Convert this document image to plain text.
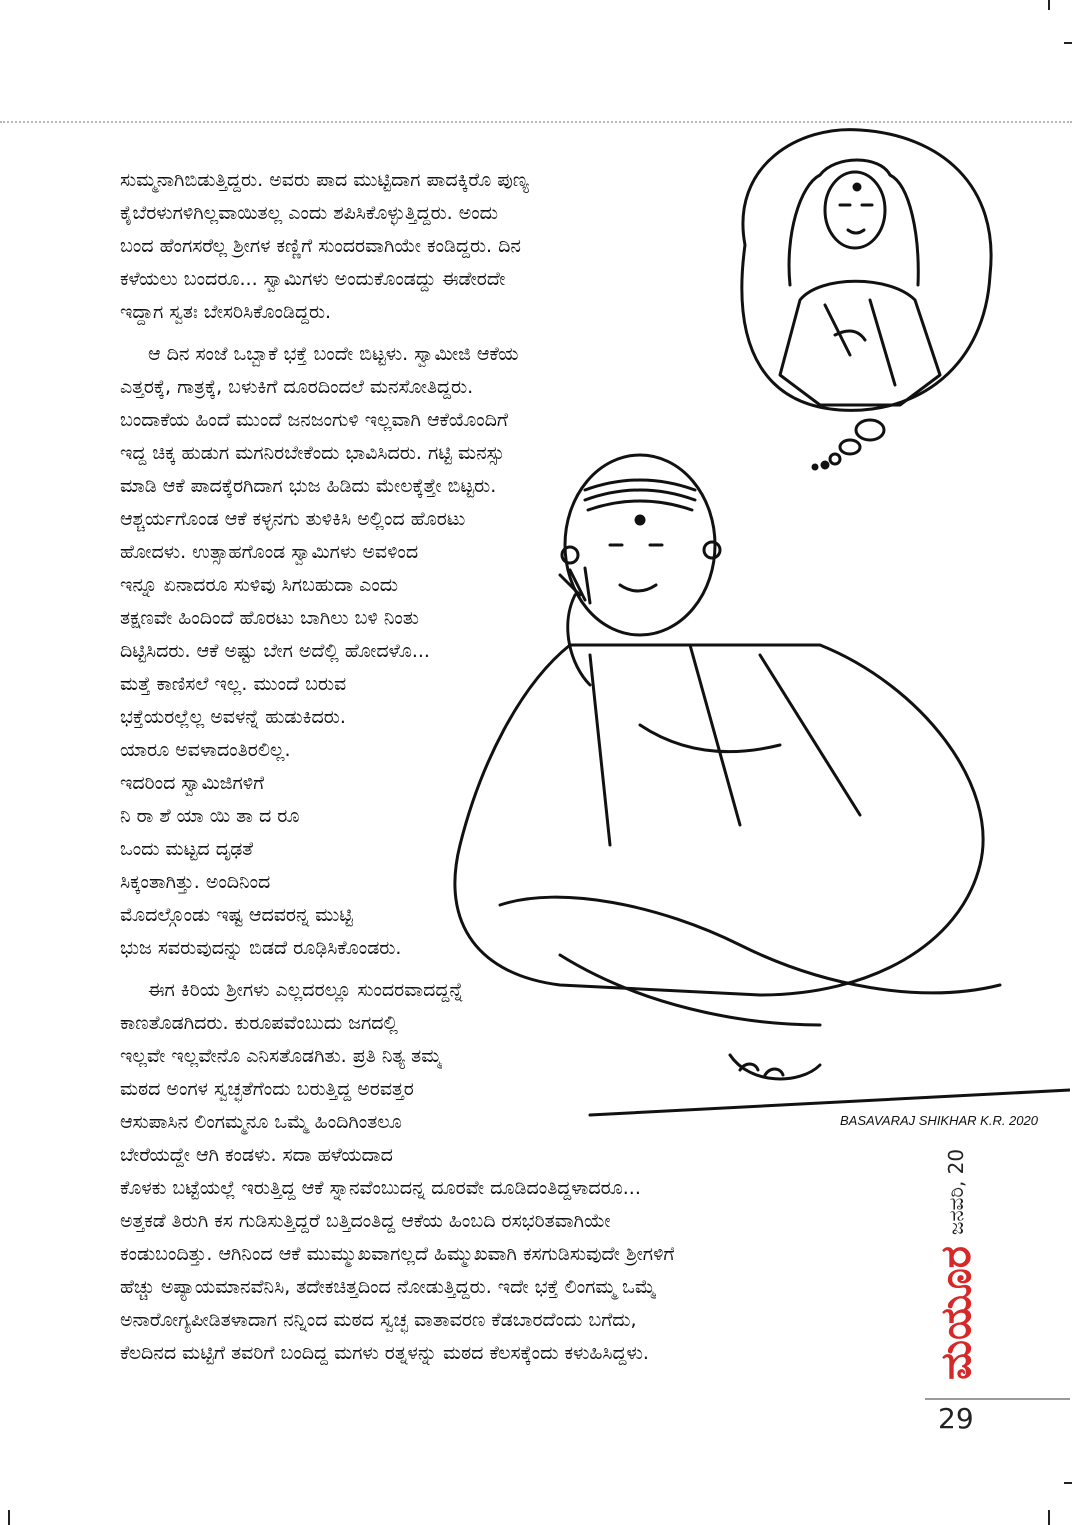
BASAVARAJ SHIKHAR K.R. 2020
ಸುಮ್ಮನಾಗಿಬಿಡುತ್ತಿದ್ದರು. ಅವರು ಪಾದ ಮುಟ್ಟಿದಾಗ ಪಾದಕ್ಕಿರೊ ಪುಣ್ಯ
ಕೈಬೆರಳುಗಳಿಗಿಲ್ಲವಾಯಿತಲ್ಲ ಎಂದು ಶಪಿಸಿಕೊಳ್ಳುತ್ತಿದ್ದರು. ಅಂದು
ಬಂದ ಹೆಂಗಸರೆಲ್ಲ ಶ್ರೀಗಳ ಕಣ್ಣಿಗೆ ಸುಂದರವಾಗಿಯೇ ಕಂಡಿದ್ದರು. ದಿನ
ಕಳೆಯಲು ಬಂದರೂ... ಸ್ವಾಮಿಗಳು ಅಂದುಕೊಂಡದ್ದು ಈಡೇರದೇ
ಇದ್ದಾಗ ಸ್ವತಃ ಬೇಸರಿಸಿಕೊಂಡಿದ್ದರು.
ಆ ದಿನ ಸಂಜೆ ಒಬ್ಬಾಕೆ ಭಕ್ತೆ ಬಂದೇ ಬಿಟ್ಟಳು. ಸ್ವಾಮೀಜಿ ಆಕೆಯ
ಎತ್ತರಕ್ಕೆ, ಗಾತ್ರಕ್ಕೆ, ಬಳುಕಿಗೆ ದೂರದಿಂದಲೆ ಮನಸೋತಿದ್ದರು.
ಬಂದಾಕೆಯ ಹಿಂದೆ ಮುಂದೆ ಜನಜಂಗುಳಿ ಇಲ್ಲವಾಗಿ ಆಕೆಯೊಂದಿಗೆ
ಇದ್ದ ಚಿಕ್ಕ ಹುಡುಗ ಮಗನಿರಬೇಕೆಂದು ಭಾವಿಸಿದರು. ಗಟ್ಟಿ ಮನಸ್ಸು
ಮಾಡಿ ಆಕೆ ಪಾದಕ್ಕೆರಗಿದಾಗ ಭುಜ ಹಿಡಿದು ಮೇಲಕ್ಕೆತ್ತೇ ಬಿಟ್ಟರು.
ಆಶ್ಚರ್ಯಗೊಂಡ ಆಕೆ ಕಳ್ಳನಗು ತುಳಿಕಿಸಿ ಅಲ್ಲಿಂದ ಹೊರಟು
ಹೋದಳು. ಉತ್ಸಾಹಗೊಂಡ ಸ್ವಾಮಿಗಳು ಅವಳಿಂದ
ಇನ್ನೂ ಏನಾದರೂ ಸುಳಿವು ಸಿಗಬಹುದಾ ಎಂದು
ತಕ್ಷಣವೇ ಹಿಂದಿಂದೆ ಹೊರಟು ಬಾಗಿಲು ಬಳಿ ನಿಂತು
ದಿಟ್ಟಿಸಿದರು. ಆಕೆ ಅಷ್ಟು ಬೇಗ ಅದೆಲ್ಲಿ ಹೋದಳೊ...
ಮತ್ತೆ ಕಾಣಿಸಲೆ ಇಲ್ಲ. ಮುಂದೆ ಬರುವ
ಭಕ್ತೆಯರಲ್ಲೆಲ್ಲ ಅವಳನ್ನೆ ಹುಡುಕಿದರು.
ಯಾರೂ ಅವಳಾದಂತಿರಲಿಲ್ಲ.
ಇದರಿಂದ ಸ್ವಾಮಿಜಿಗಳಿಗೆ
ನಿ ರಾ ಶೆ ಯಾ ಯಿ ತಾ ದ ರೂ
ಒಂದು ಮಟ್ಟದ ದೃಢತೆ
ಸಿಕ್ಕಂತಾಗಿತ್ತು. ಅಂದಿನಿಂದ
ಮೊದಲ್ಗೊಂಡು ಇಷ್ಟ ಆದವರನ್ನ ಮುಟ್ಟಿ
ಭುಜ ಸವರುವುದನ್ನು ಬಿಡದೆ ರೂಢಿಸಿಕೊಂಡರು.
ಈಗ ಕಿರಿಯ ಶ್ರೀಗಳು ಎಲ್ಲದರಲ್ಲೂ ಸುಂದರವಾದದ್ದನ್ನೆ
ಕಾಣತೊಡಗಿದರು. ಕುರೂಪವೆಂಬುದು ಜಗದಲ್ಲಿ
ಇಲ್ಲವೇ ಇಲ್ಲವೇನೊ ಎನಿಸತೊಡಗಿತು. ಪ್ರತಿ ನಿತ್ಯ ತಮ್ಮ
ಮಠದ ಅಂಗಳ ಸ್ವಚ್ಛತೆಗೆಂದು ಬರುತ್ತಿದ್ದ ಅರವತ್ತರ
ಆಸುಪಾಸಿನ ಲಿಂಗಮ್ಮನೂ ಒಮ್ಮೆ ಹಿಂದಿಗಿಂತಲೂ
ಬೇರೆಯದ್ದೇ ಆಗಿ ಕಂಡಳು. ಸದಾ ಹಳೆಯದಾದ
ಕೊಳಕು ಬಟ್ಟೆಯಲ್ಲೆ ಇರುತ್ತಿದ್ದ ಆಕೆ ಸ್ನಾನವೆಂಬುದನ್ನ ದೂರವೇ ದೂಡಿದಂತಿದ್ದಳಾದರೂ...
ಅತ್ತಕಡೆ ತಿರುಗಿ ಕಸ ಗುಡಿಸುತ್ತಿದ್ದರೆ ಬತ್ತಿದಂತಿದ್ದ ಆಕೆಯ ಹಿಂಬದಿ ರಸಭರಿತವಾಗಿಯೇ
ಕಂಡುಬಂದಿತ್ತು. ಆಗಿನಿಂದ ಆಕೆ ಮುಮ್ಮುಖವಾಗಲ್ಲದೆ ಹಿಮ್ಮುಖವಾಗಿ ಕಸಗುಡಿಸುವುದೇ ಶ್ರೀಗಳಿಗೆ
ಹೆಚ್ಚು ಅಪ್ಯಾಯಮಾನವೆನಿಸಿ, ತದೇಕಚಿತ್ತದಿಂದ ನೋಡುತ್ತಿದ್ದರು. ಇದೇ ಭಕ್ತೆ ಲಿಂಗಮ್ಮ ಒಮ್ಮೆ
ಅನಾರೋಗ್ಯಪೀಡಿತಳಾದಾಗ ನನ್ನಿಂದ ಮಠದ ಸ್ವಚ್ಛ ವಾತಾವರಣ ಕೆಡಬಾರದೆಂದು ಬಗೆದು,
ಕೆಲದಿನದ ಮಟ್ಟಿಗೆ ತವರಿಗೆ ಬಂದಿದ್ದ ಮಗಳು ರತ್ನಳನ್ನು ಮಠದ ಕೆಲಸಕ್ಕೆಂದು ಕಳುಹಿಸಿದ್ದಳು.
ಜನವರಿ, 20
ಮಯೂರ
29
